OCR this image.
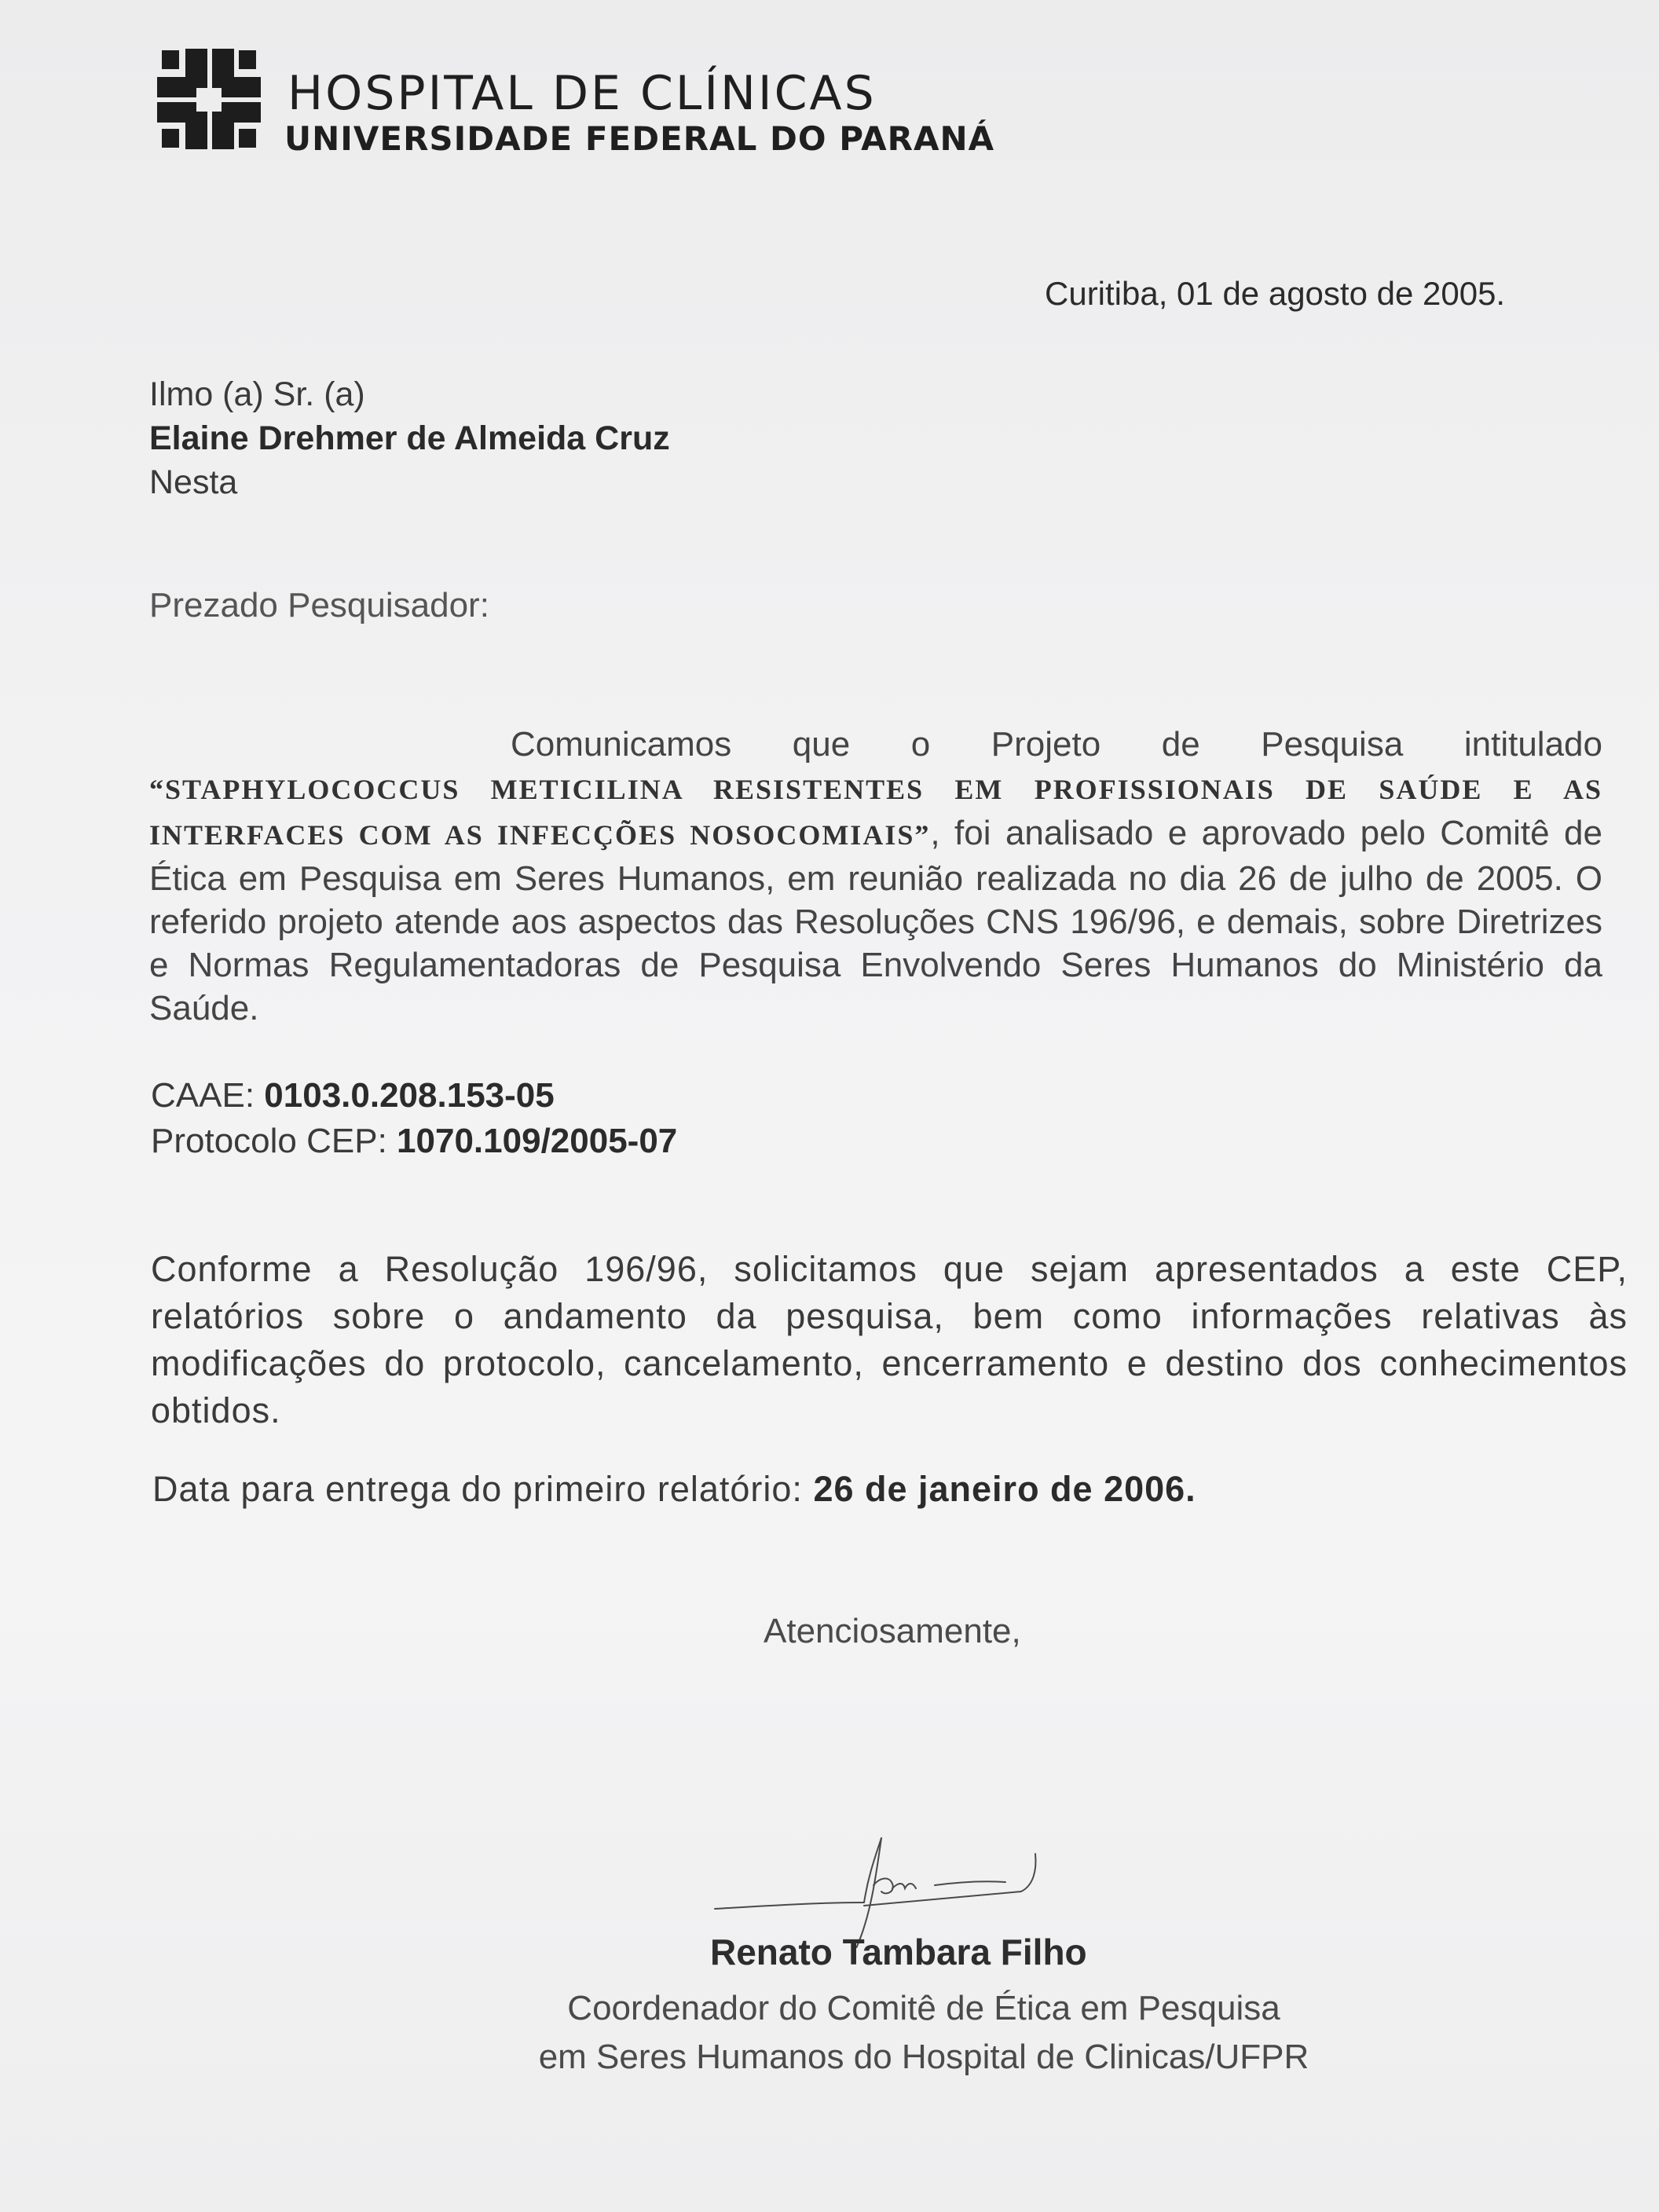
HOSPITAL DE CLÍNICAS
UNIVERSIDADE FEDERAL DO PARANÁ
Curitiba, 01 de agosto de 2005.
Ilmo (a) Sr. (a)
Elaine Drehmer de Almeida Cruz
Nesta
Prezado Pesquisador:
Comunicamos que o Projeto de Pesquisa intitulado “STAPHYLOCOCCUS METICILINA RESISTENTES EM PROFISSIONAIS DE SAÚDE E AS INTERFACES COM AS INFECÇÕES NOSOCOMIAIS”, foi analisado e aprovado pelo Comitê de Ética em Pesquisa em Seres Humanos, em reunião realizada no dia 26 de julho de 2005. O referido projeto atende aos aspectos das Resoluções CNS 196/96, e demais, sobre Diretrizes e Normas Regulamentadoras de Pesquisa Envolvendo Seres Humanos do Ministério da Saúde.
CAAE: 0103.0.208.153-05
Protocolo CEP: 1070.109/2005-07
Conforme a Resolução 196/96, solicitamos que sejam apresentados a este CEP, relatórios sobre o andamento da pesquisa, bem como informações relativas às modificações do protocolo, cancelamento, encerramento e destino dos conhecimentos obtidos.
Data para entrega do primeiro relatório: 26 de janeiro de 2006.
Atenciosamente,
Renato Tambara Filho
Coordenador do Comitê de Ética em Pesquisa
em Seres Humanos do Hospital de Clinicas/UFPR
